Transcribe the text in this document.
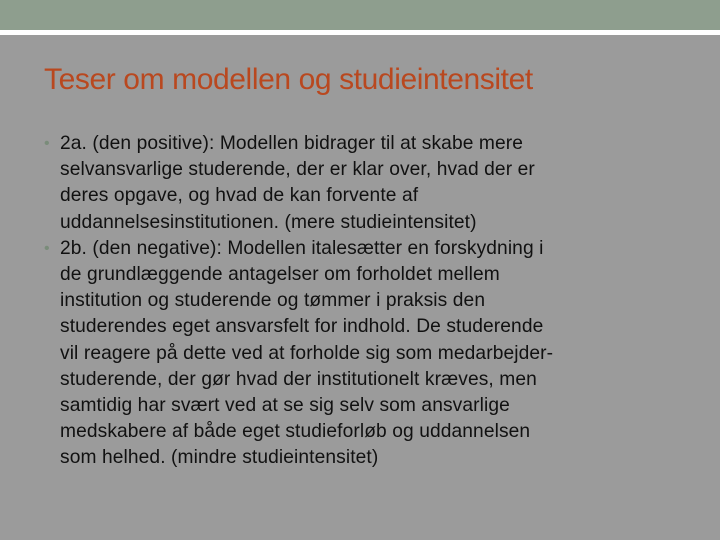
Teser om modellen og studieintensitet
• 2a. (den positive): Modellen bidrager til at skabe mere
selvansvarlige studerende, der er klar over, hvad der er
deres opgave, og hvad de kan forvente af
uddannelsesinstitutionen. (mere studieintensitet)
• 2b. (den negative): Modellen italesætter en forskydning i
de grundlæggende antagelser om forholdet mellem
institution og studerende og tømmer i praksis den
studerendes eget ansvarsfelt for indhold. De studerende
vil reagere på dette ved at forholde sig som medarbejder-
studerende, der gør hvad der institutionelt kræves, men
samtidig har svært ved at se sig selv som ansvarlige
medskabere af både eget studieforløb og uddannelsen
som helhed. (mindre studieintensitet)
